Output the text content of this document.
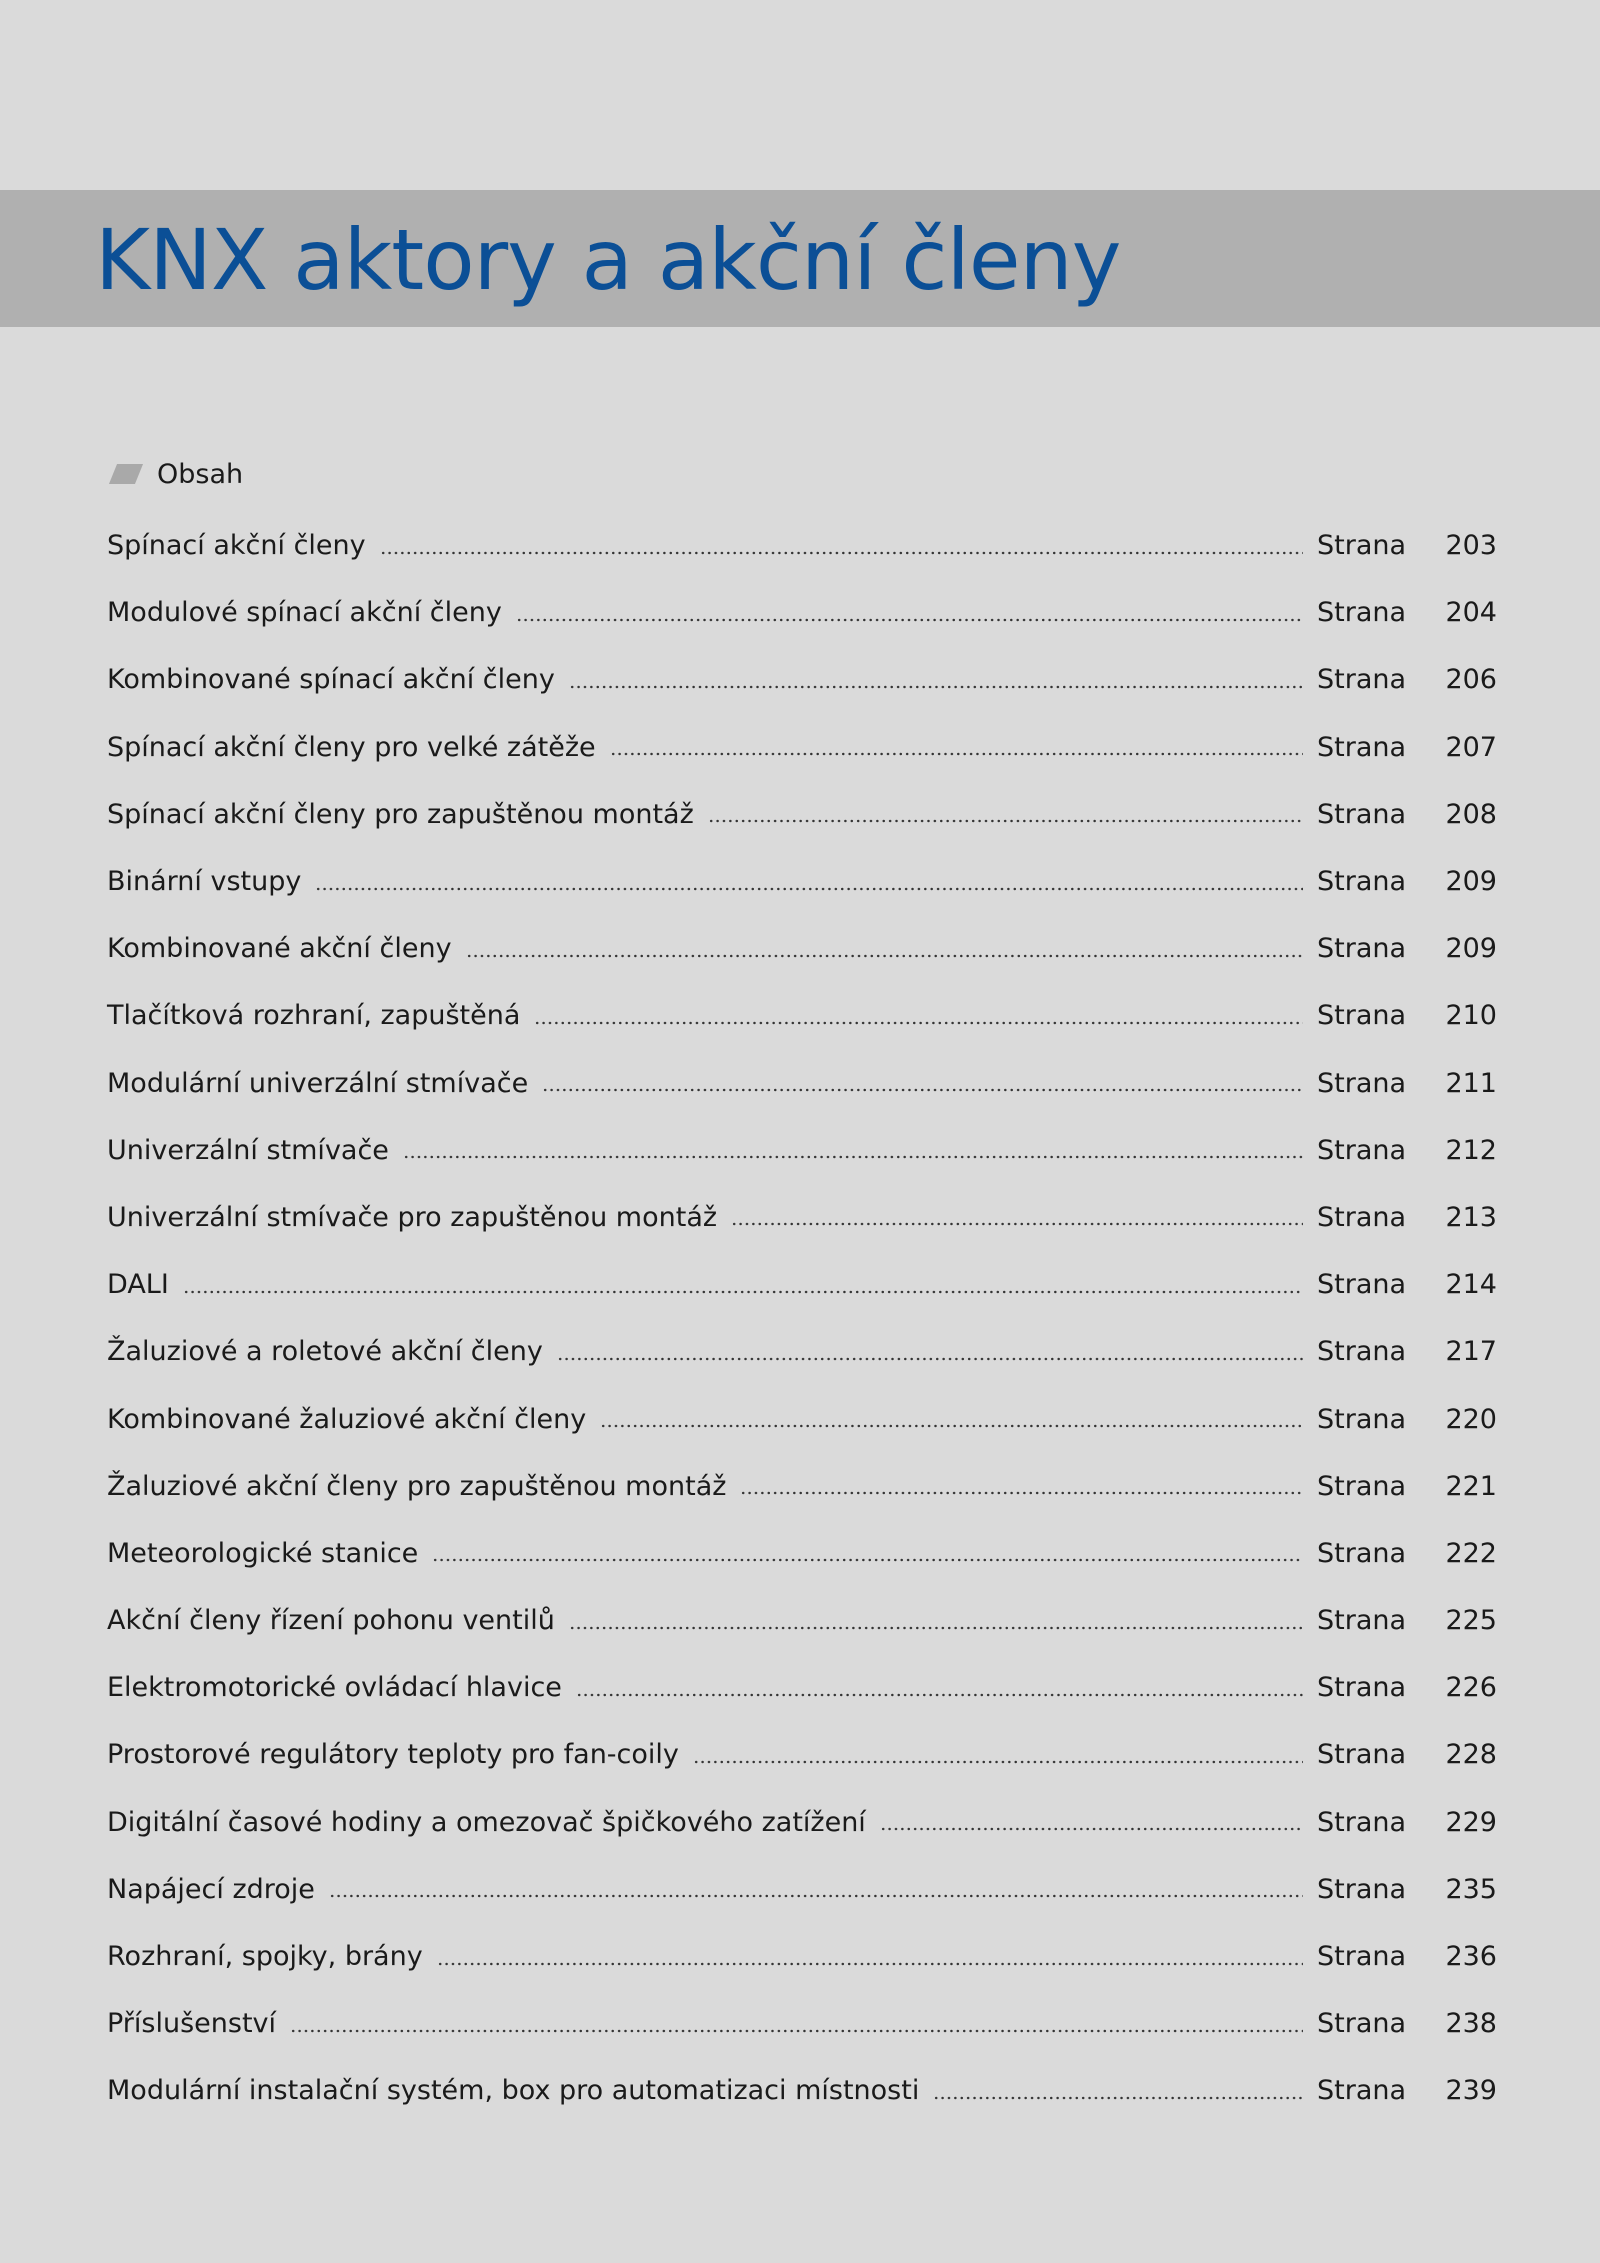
KNX aktory a akční členy
Obsah
Spínací akční členy	Strana	203
Modulové spínací akční členy	Strana	204
Kombinované spínací akční členy	Strana	206
Spínací akční členy pro velké zátěže	Strana	207
Spínací akční členy pro zapuštěnou montáž	Strana	208
Binární vstupy	Strana	209
Kombinované akční členy	Strana	209
Tlačítková rozhraní, zapuštěná	Strana	210
Modulární univerzální stmívače	Strana	211
Univerzální stmívače	Strana	212
Univerzální stmívače pro zapuštěnou montáž	Strana	213
DALI	Strana	214
Žaluziové a roletové akční členy	Strana	217
Kombinované žaluziové akční členy	Strana	220
Žaluziové akční členy pro zapuštěnou montáž	Strana	221
Meteorologické stanice	Strana	222
Akční členy řízení pohonu ventilů	Strana	225
Elektromotorické ovládací hlavice	Strana	226
Prostorové regulátory teploty pro fan-coily	Strana	228
Digitální časové hodiny a omezovač špičkového zatížení	Strana	229
Napájecí zdroje	Strana	235
Rozhraní, spojky, brány	Strana	236
Příslušenství	Strana	238
Modulární instalační systém, box pro automatizaci místnosti	Strana	239
